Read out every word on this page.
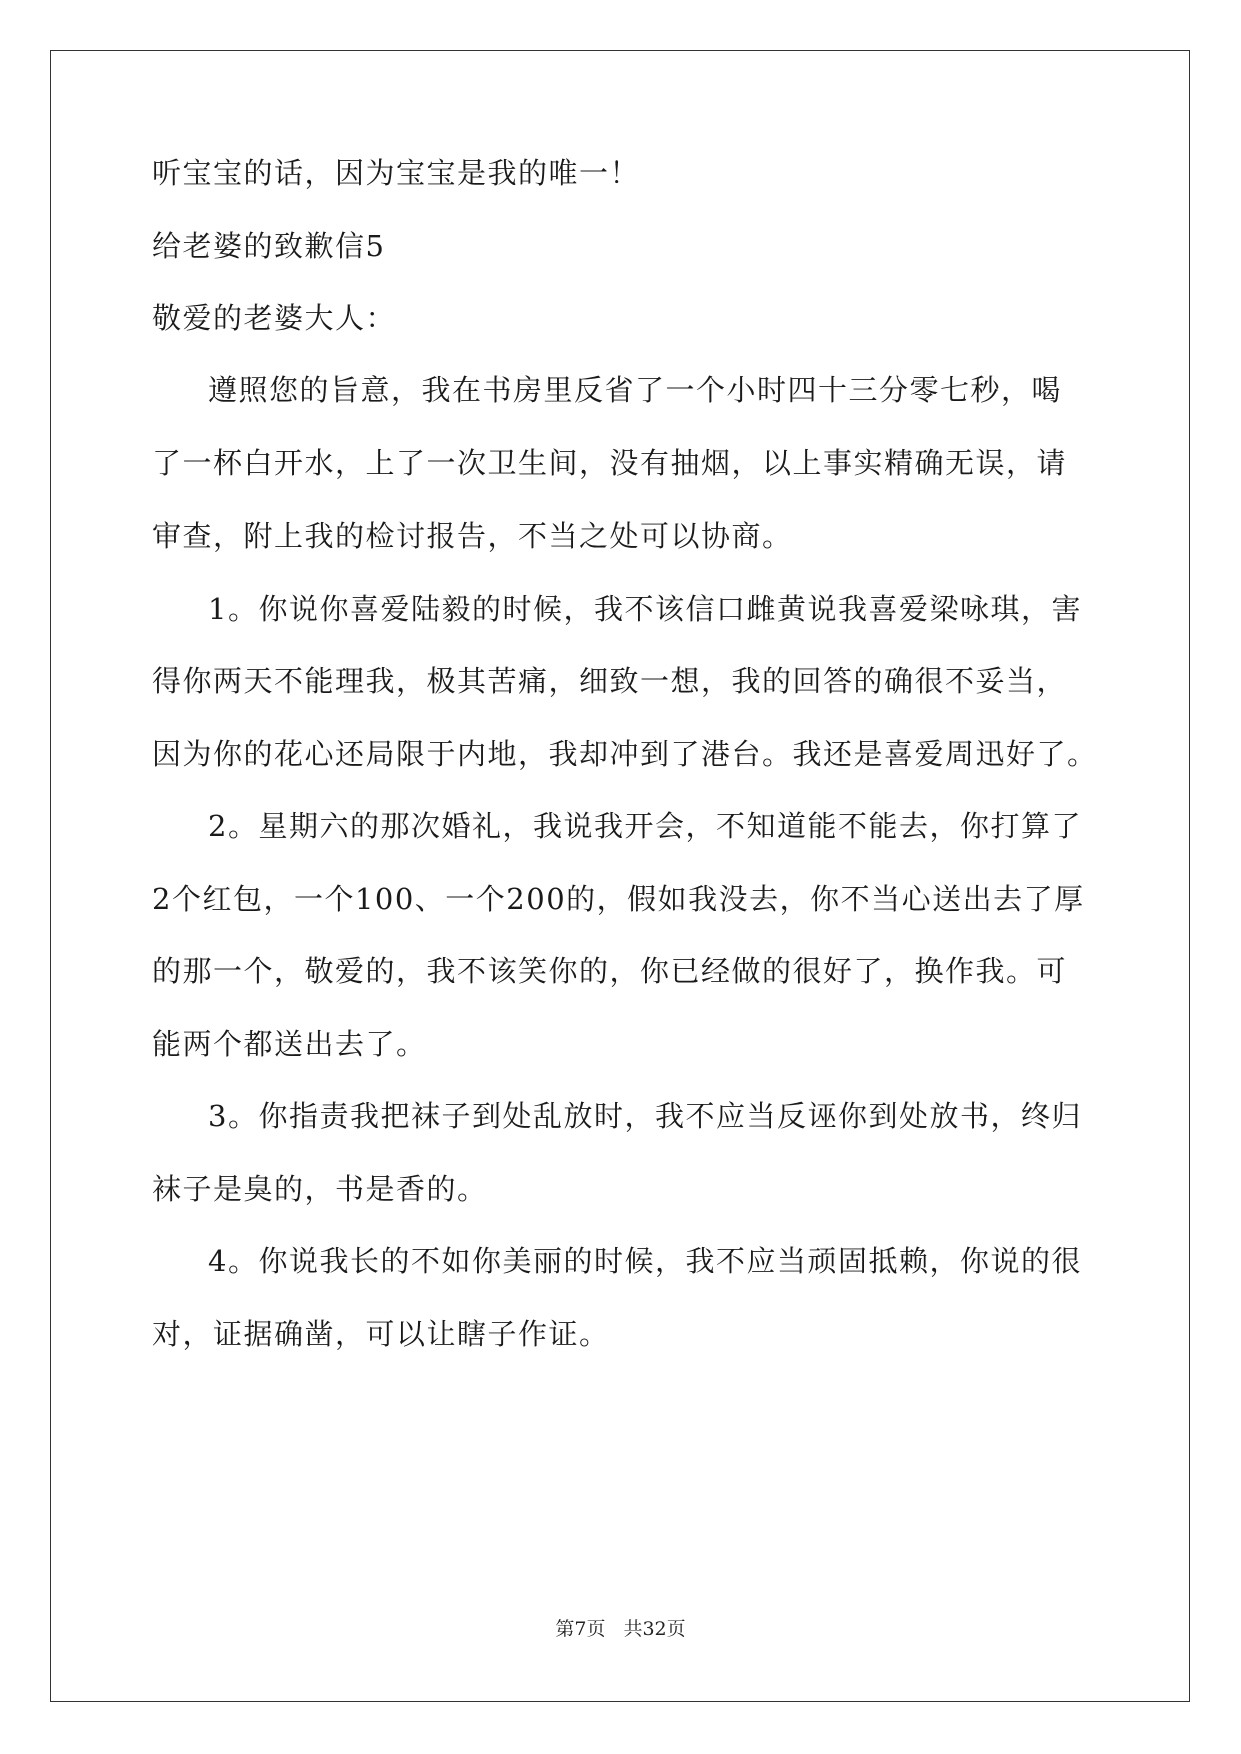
听宝宝的话，因为宝宝是我的唯一！
给老婆的致歉信5
敬爱的老婆大人：
遵照您的旨意，我在书房里反省了一个小时四十三分零七秒，喝
了一杯白开水，上了一次卫生间，没有抽烟，以上事实精确无误，请
审查，附上我的检讨报告，不当之处可以协商。
1。你说你喜爱陆毅的时候，我不该信口雌黄说我喜爱梁咏琪，害
得你两天不能理我，极其苦痛，细致一想，我的回答的确很不妥当，
因为你的花心还局限于内地，我却冲到了港台。我还是喜爱周迅好了。
2。星期六的那次婚礼，我说我开会，不知道能不能去，你打算了
2个红包，一个100、一个200的，假如我没去，你不当心送出去了厚
的那一个，敬爱的，我不该笑你的，你已经做的很好了，换作我。可
能两个都送出去了。
3。你指责我把袜子到处乱放时，我不应当反诬你到处放书，终归
袜子是臭的，书是香的。
4。你说我长的不如你美丽的时候，我不应当顽固抵赖，你说的很
对，证据确凿，可以让瞎子作证。
第7页 共32页
